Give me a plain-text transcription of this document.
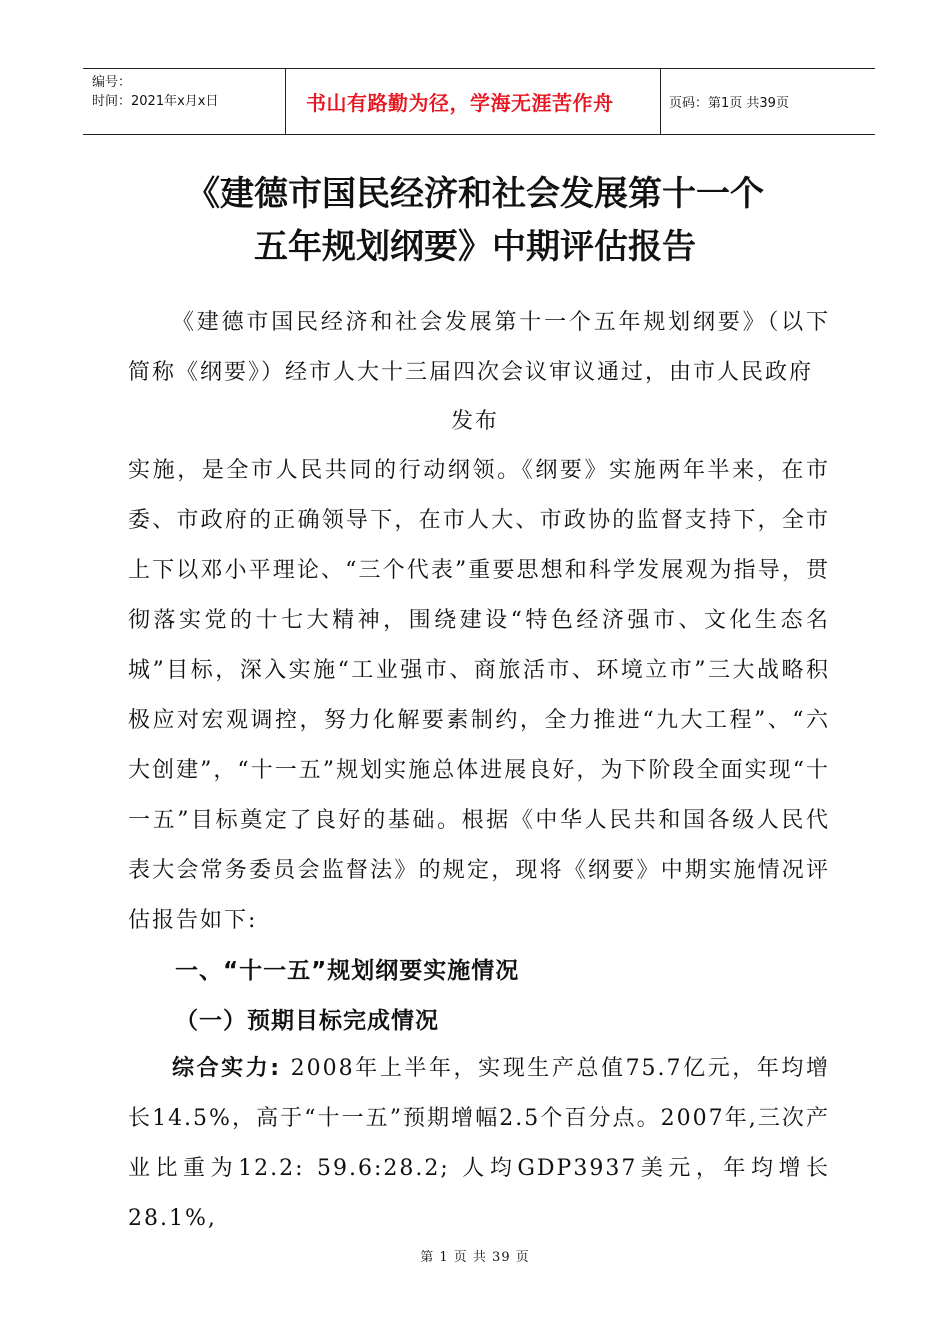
编号：
时间：2021年x月x日	书山有路勤为径，学海无涯苦作舟	页码：第1页 共39页
《建德市国民经济和社会发展第十一个
五年规划纲要》中期评估报告

《建德市国民经济和社会发展第十一个五年规划纲要》（以下简称《纲要》）经市人大十三届四次会议审议通过，由市人民政府

发布

实施，是全市人民共同的行动纲领。《纲要》实施两年半来，在市委、市政府的正确领导下，在市人大、市政协的监督支持下，全市上下以邓小平理论、“三个代表”重要思想和科学发展观为指导，贯彻落实党的十七大精神，围绕建设“特色经济强市、文化生态名城”目标，深入实施“工业强市、商旅活市、环境立市”三大战略积极应对宏观调控，努力化解要素制约，全力推进“九大工程”、“六大创建”，“十一五”规划实施总体进展良好，为下阶段全面实现“十一五”目标奠定了良好的基础。根据《中华人民共和国各级人民代表大会常务委员会监督法》的规定，现将《纲要》中期实施情况评估报告如下:

一、“十一五”规划纲要实施情况
（一）预期目标完成情况

综合实力: 2008年上半年，实现生产总值75.7亿元，年均增长14.5%，高于“十一五”预期增幅2.5个百分点。2007年,三次产业比重为12.2: 59.6:28.2; 人均GDP3937美元，年均增长28.1%,

第 1 页 共 39 页
